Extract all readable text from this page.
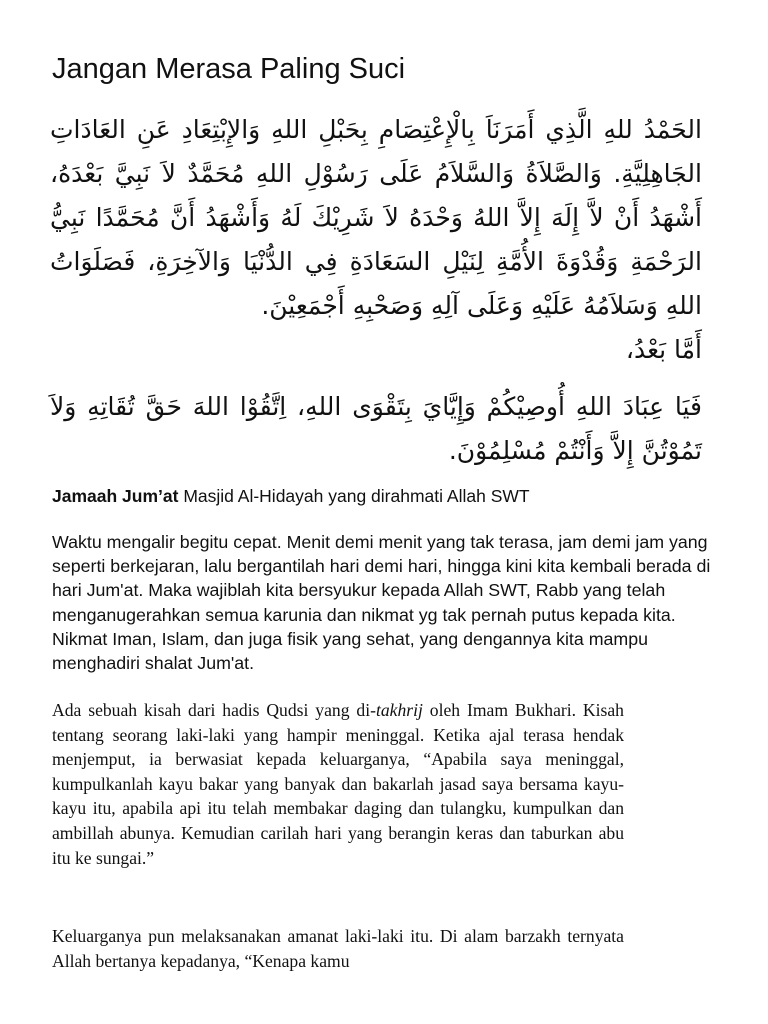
Jangan Merasa Paling Suci
الحَمْدُ للهِ الَّذِي أَمَرَنَاَ بِالْإِعْتِصَامِ بِحَبْلِ اللهِ وَالإِبْتِعَادِ عَنِ العَادَاتِ الجَاهِلِيَّةِ. وَالصَّلاَةُ وَالسَّلاَمُ عَلَى رَسُوْلِ اللهِ مُحَمَّدٌ لاَ نَبِيَّ بَعْدَهُ، أَشْهَدُ أَنْ لاَّ إِلَهَ إِلاَّ اللهُ وَحْدَهُ لاَ شَرِيْكَ لَهُ وَأَشْهَدُ أَنَّ مُحَمَّدًا نَبِيُّ الرَحْمَةِ وَقُدْوَةَ الأُمَّةِ لِنَيْلِ السَعَادَةِ فِي الدُّنْيَا وَالآخِرَةِ، فَصَلَوَاتُ اللهِ وَسَلاَمُهُ عَلَيْهِ وَعَلَى آلِهِ وَصَحْبِهِ أَجْمَعِيْنَ.
أَمَّا بَعْدُ،
فَيَا عِبَادَ اللهِ أُوصِيْكُمْ وَإِيَّايَ بِتَقْوَى اللهِ، اِتَّقُوْا اللهَ حَقَّ تُقَاتِهِ وَلاَ تَمُوْتُنَّ إِلاَّ وَأَنْتُمْ مُسْلِمُوْنَ.
Jamaah Jum’at Masjid Al-Hidayah yang dirahmati Allah SWT
Waktu mengalir begitu cepat. Menit demi menit yang tak terasa, jam demi jam yang seperti berkejaran, lalu bergantilah hari demi hari, hingga kini kita kembali berada di hari Jum'at. Maka wajiblah kita bersyukur kepada Allah SWT, Rabb yang telah menganugerahkan semua karunia dan nikmat yg tak pernah putus kepada kita. Nikmat Iman, Islam, dan juga fisik yang sehat, yang dengannya kita mampu menghadiri shalat Jum'at.
Ada sebuah kisah dari hadis Qudsi yang di-takhrij oleh Imam Bukhari. Kisah tentang seorang laki-laki yang hampir meninggal. Ketika ajal terasa hendak menjemput, ia berwasiat kepada keluarganya, “Apabila saya meninggal, kumpulkanlah kayu bakar yang banyak dan bakarlah jasad saya bersama kayu-kayu itu, apabila api itu telah membakar daging dan tulangku, kumpulkan dan ambillah abunya. Kemudian carilah hari yang berangin keras dan taburkan abu itu ke sungai.”
Keluarganya pun melaksanakan amanat laki-laki itu. Di alam barzakh ternyata Allah bertanya kepadanya, “Kenapa kamu
